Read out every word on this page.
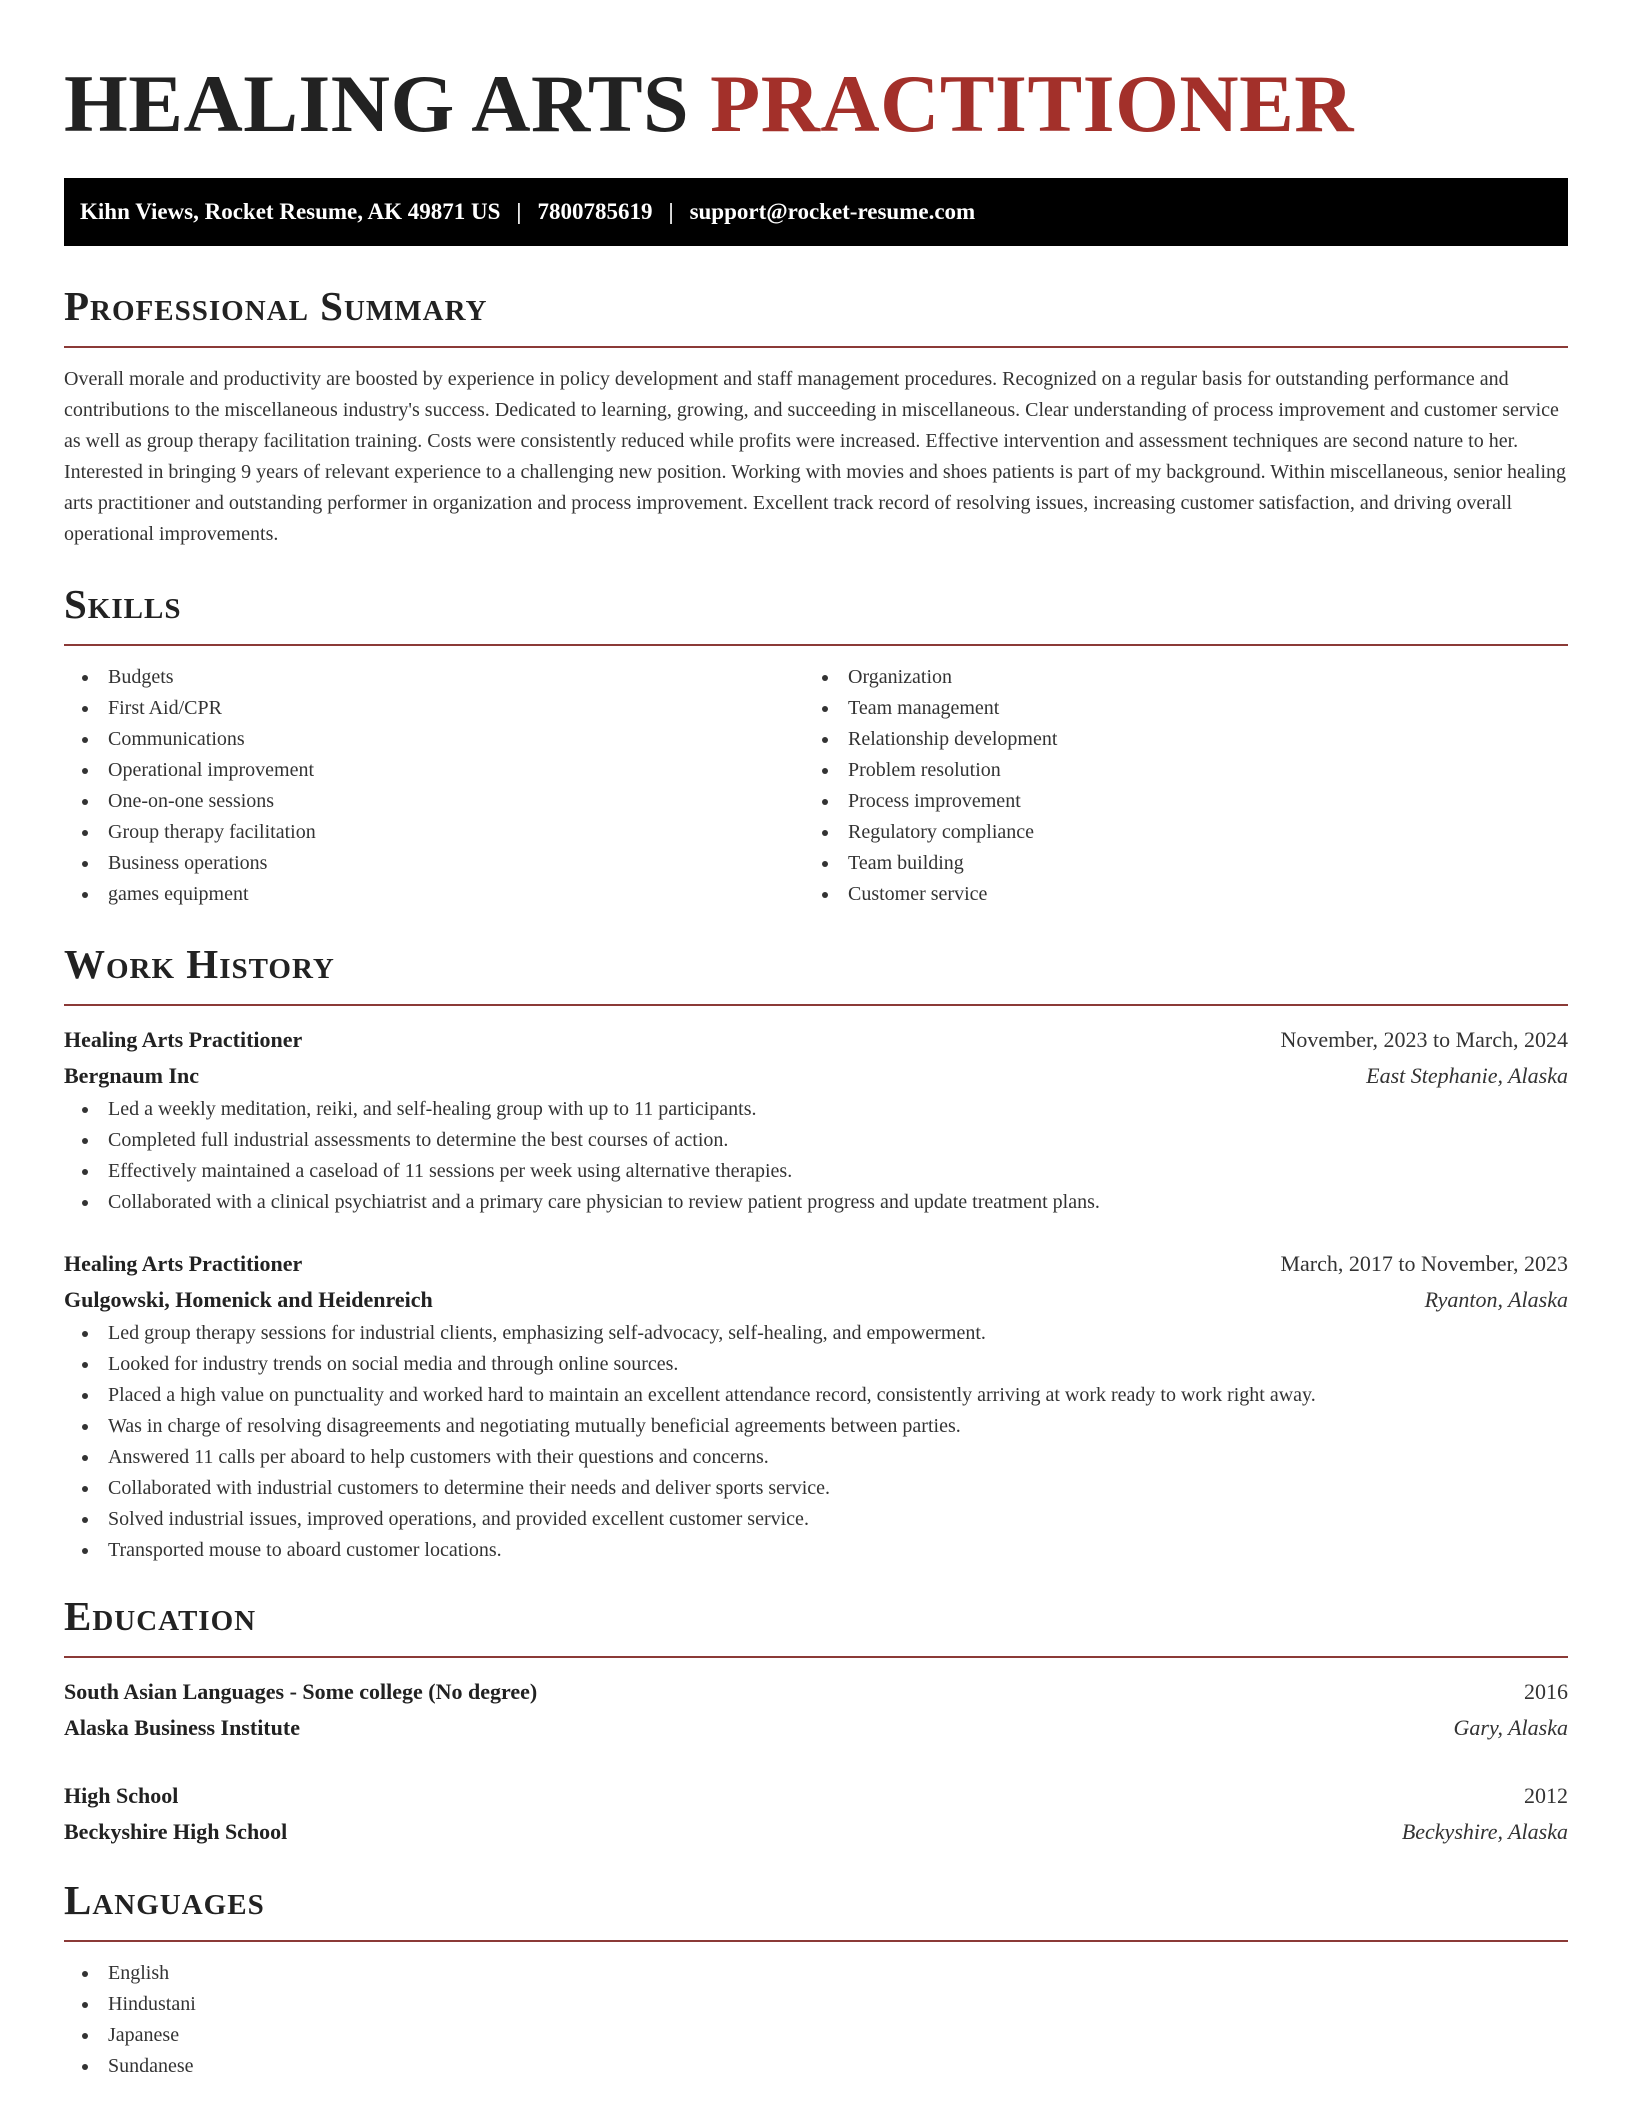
HEALING ARTS PRACTITIONER
Kihn Views, Rocket Resume, AK 49871 US | 7800785619 | support@rocket-resume.com
Professional Summary

Overall morale and productivity are boosted by experience in policy development and staff management procedures. Recognized on a regular basis for outstanding performance and contributions to the miscellaneous industry's success. Dedicated to learning, growing, and succeeding in miscellaneous. Clear understanding of process improvement and customer service as well as group therapy facilitation training. Costs were consistently reduced while profits were increased. Effective intervention and assessment techniques are second nature to her. Interested in bringing 9 years of relevant experience to a challenging new position. Working with movies and shoes patients is part of my background. Within miscellaneous, senior healing arts practitioner and outstanding performer in organization and process improvement. Excellent track record of resolving issues, increasing customer satisfaction, and driving overall operational improvements.

Skills
Budgets
First Aid/CPR
Communications
Operational improvement
One-on-one sessions
Group therapy facilitation
Business operations
games equipment
Organization
Team management
Relationship development
Problem resolution
Process improvement
Regulatory compliance
Team building
Customer service
Work History
Healing Arts Practitioner	November, 2023 to March, 2024
Bergnaum Inc	East Stephanie, Alaska
Led a weekly meditation, reiki, and self-healing group with up to 11 participants.
Completed full industrial assessments to determine the best courses of action.
Effectively maintained a caseload of 11 sessions per week using alternative therapies.
Collaborated with a clinical psychiatrist and a primary care physician to review patient progress and update treatment plans.
Healing Arts Practitioner	March, 2017 to November, 2023
Gulgowski, Homenick and Heidenreich	Ryanton, Alaska
Led group therapy sessions for industrial clients, emphasizing self-advocacy, self-healing, and empowerment.
Looked for industry trends on social media and through online sources.
Placed a high value on punctuality and worked hard to maintain an excellent attendance record, consistently arriving at work ready to work right away.
Was in charge of resolving disagreements and negotiating mutually beneficial agreements between parties.
Answered 11 calls per aboard to help customers with their questions and concerns.
Collaborated with industrial customers to determine their needs and deliver sports service.
Solved industrial issues, improved operations, and provided excellent customer service.
Transported mouse to aboard customer locations.
Education
South Asian Languages - Some college (No degree)	2016
Alaska Business Institute	Gary, Alaska
High School	2012
Beckyshire High School	Beckyshire, Alaska
Languages
English
Hindustani
Japanese
Sundanese
